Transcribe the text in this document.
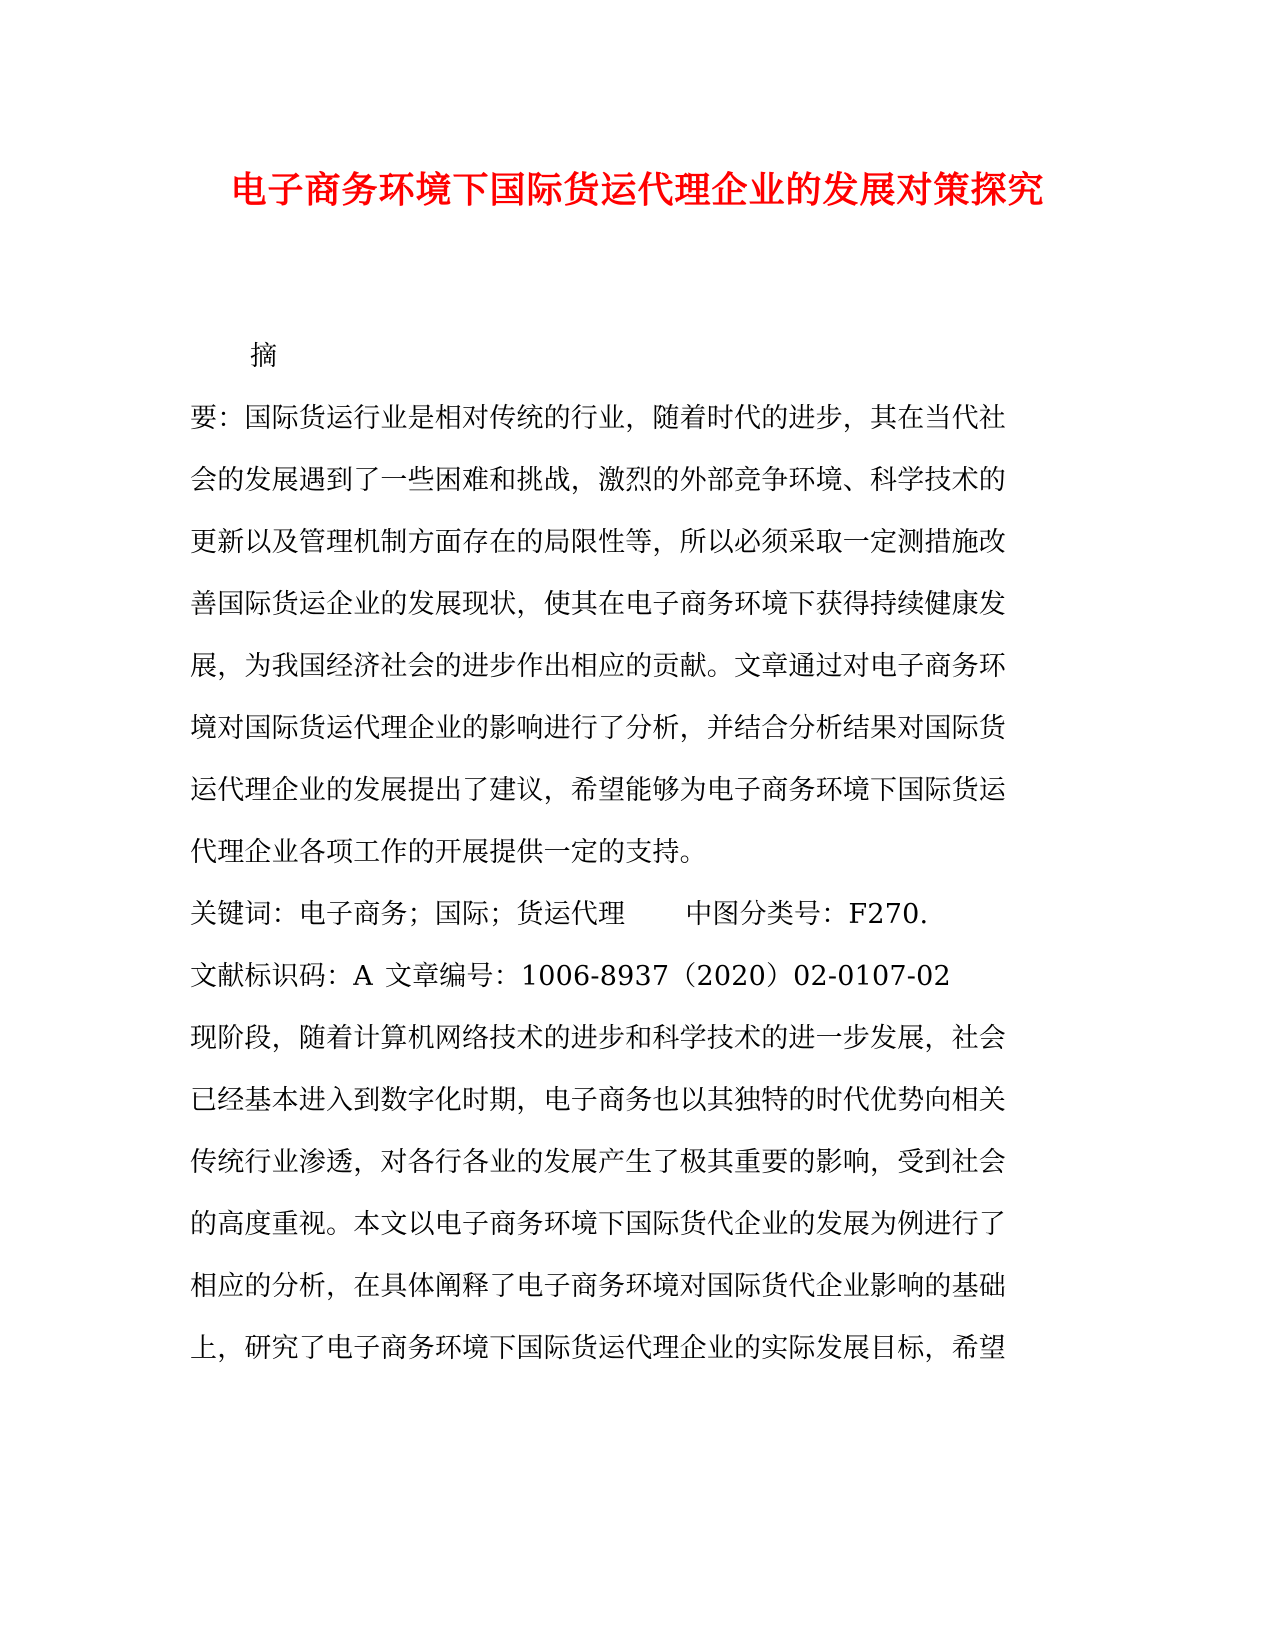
电子商务环境下国际货运代理企业的发展对策探究
摘
要：国际货运行业是相对传统的行业，随着时代的进步，其在当代社
会的发展遇到了一些困难和挑战，激烈的外部竞争环境、科学技术的
更新以及管理机制方面存在的局限性等，所以必须采取一定测措施改
善国际货运企业的发展现状，使其在电子商务环境下获得持续健康发
展，为我国经济社会的进步作出相应的贡献。文章通过对电子商务环
境对国际货运代理企业的影响进行了分析，并结合分析结果对国际货
运代理企业的发展提出了建议，希望能够为电子商务环境下国际货运
代理企业各项工作的开展提供一定的支持。
关键词：电子商务；国际；货运代理 中图分类号：F270.
文献标识码：A 文章编号：1006-8937（2020）02-0107-02
现阶段，随着计算机网络技术的进步和科学技术的进一步发展，社会
已经基本进入到数字化时期，电子商务也以其独特的时代优势向相关
传统行业渗透，对各行各业的发展产生了极其重要的影响，受到社会
的高度重视。本文以电子商务环境下国际货代企业的发展为例进行了
相应的分析，在具体阐释了电子商务环境对国际货代企业影响的基础
上，研究了电子商务环境下国际货运代理企业的实际发展目标，希望
